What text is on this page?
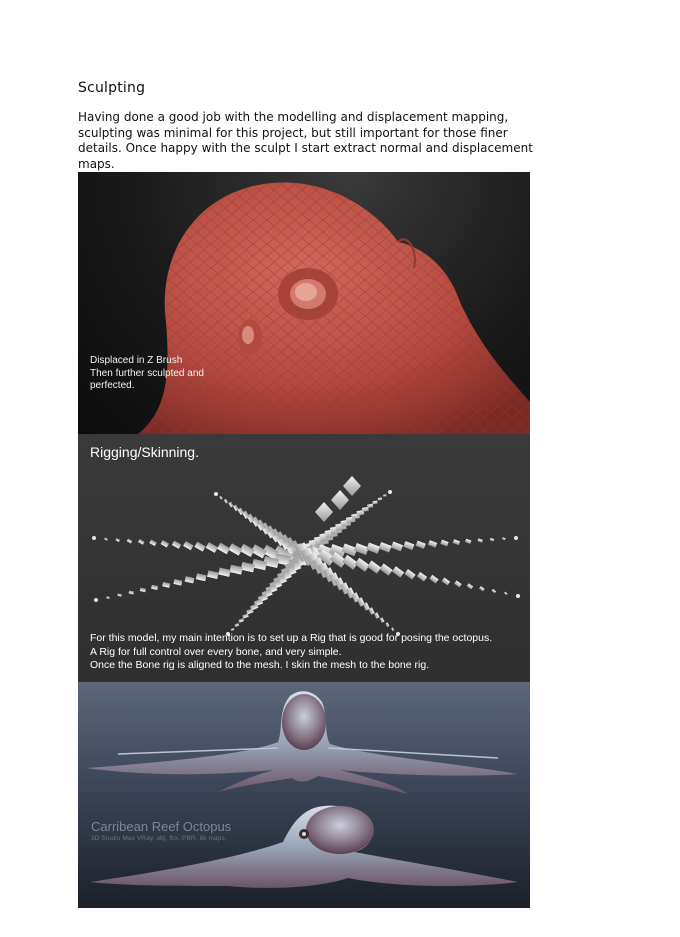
Sculpting
Having done a good job with the modelling and displacement mapping, sculpting was minimal for this project, but still important for those finer details. Once happy with the sculpt I start extract normal and displacement maps.
Displaced in Z Brush
Then further sculpted and
perfected.
Rigging/Skinning.
For this model, my main intention is to set up a Rig that is good for posing the octopus.
A Rig for full control over every bone, and very simple.
Once the Bone rig is aligned to the mesh. I skin the mesh to the bone rig.
Carribean Reef Octopus
3D Studio Max VRay, obj, fbx, PBR, 8k maps.
